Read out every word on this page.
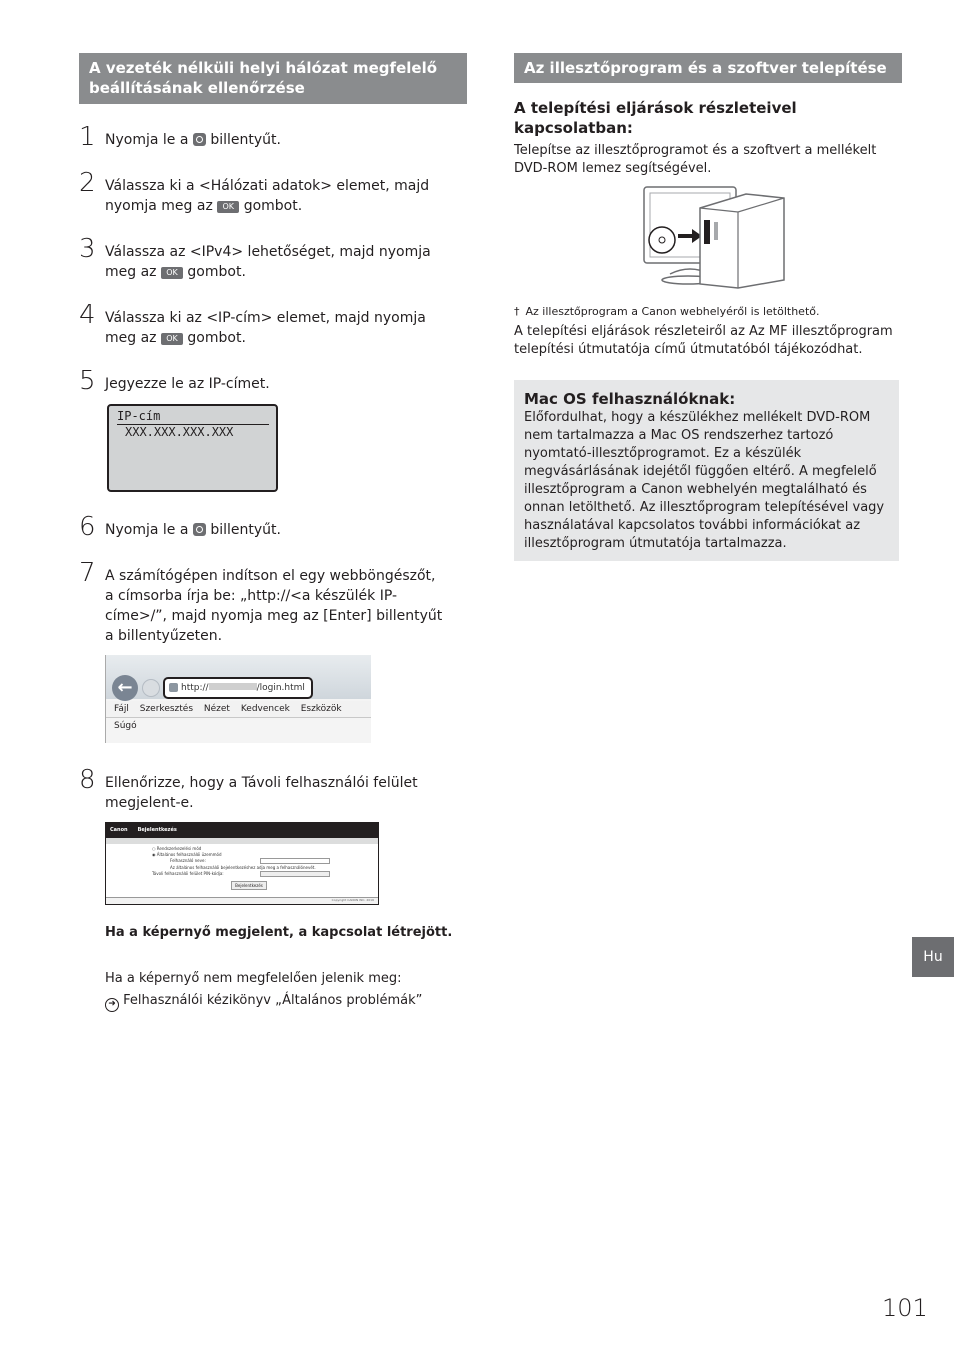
A vezeték nélküli helyi hálózat megfelelő beállításának ellenőrzése
1 Nyomja le a billentyűt.
2 Válassza ki a <Hálózati adatok> elemet, majd nyomja meg az OK gombot.
3 Válassza az <IPv4> lehetőséget, majd nyomja meg az OK gombot.
4 Válassza ki az <IP-cím> elemet, majd nyomja meg az OK gombot.
5 Jegyezze le az IP-címet.
IP-cím
XXX.XXX.XXX.XXX
6 Nyomja le a billentyűt.
7 A számítógépen indítson el egy webböngészőt, a címsorba írja be: „http://<a készülék IP-címe>/”, majd nyomja meg az [Enter] billentyűt a billentyűzeten.
←	http://	/login.html
Fájl Szerkesztés Nézet Kedvencek Eszközök Súgó
8 Ellenőrizze, hogy a Távoli felhasználói felület megjelent-e.
Canon Bejelentkezés
○ Rendszerkezelési mód
◉ Általános felhasználói üzemmód
Felhasználó neve:
Az általános felhasználói bejelentkezéshez adja meg a felhasználónevét.
Távoli felhasználói felület PIN-kódja:
Bejelentkezés
Copyright CANON INC. 2016
Ha a képernyő megjelent, a kapcsolat létrejött.
Ha a képernyő nem megfelelően jelenik meg:
➜ Felhasználói kézikönyv „Általános problémák”
Az illesztőprogram és a szoftver telepítése
A telepítési eljárások részleteivel kapcsolatban:
Telepítse az illesztőprogramot és a szoftvert a mellékelt DVD-ROM lemez segítségével.
† Az illesztőprogram a Canon webhelyéről is letölthető.
A telepítési eljárások részleteiről az Az MF illesztőprogram telepítési útmutatója című útmutatóból tájékozódhat.
Mac OS felhasználóknak:
Előfordulhat, hogy a készülékhez mellékelt DVD-ROM nem tartalmazza a Mac OS rendszerhez tartozó nyomtató-illesztőprogramot. Ez a készülék megvásárlásának idejétől függően eltérő. A megfelelő illesztőprogram a Canon webhelyén megtalálható és onnan letölthető. Az illesztőprogram telepítésével vagy használatával kapcsolatos további információkat az illesztőprogram útmutatója tartalmazza.
Hu
101
